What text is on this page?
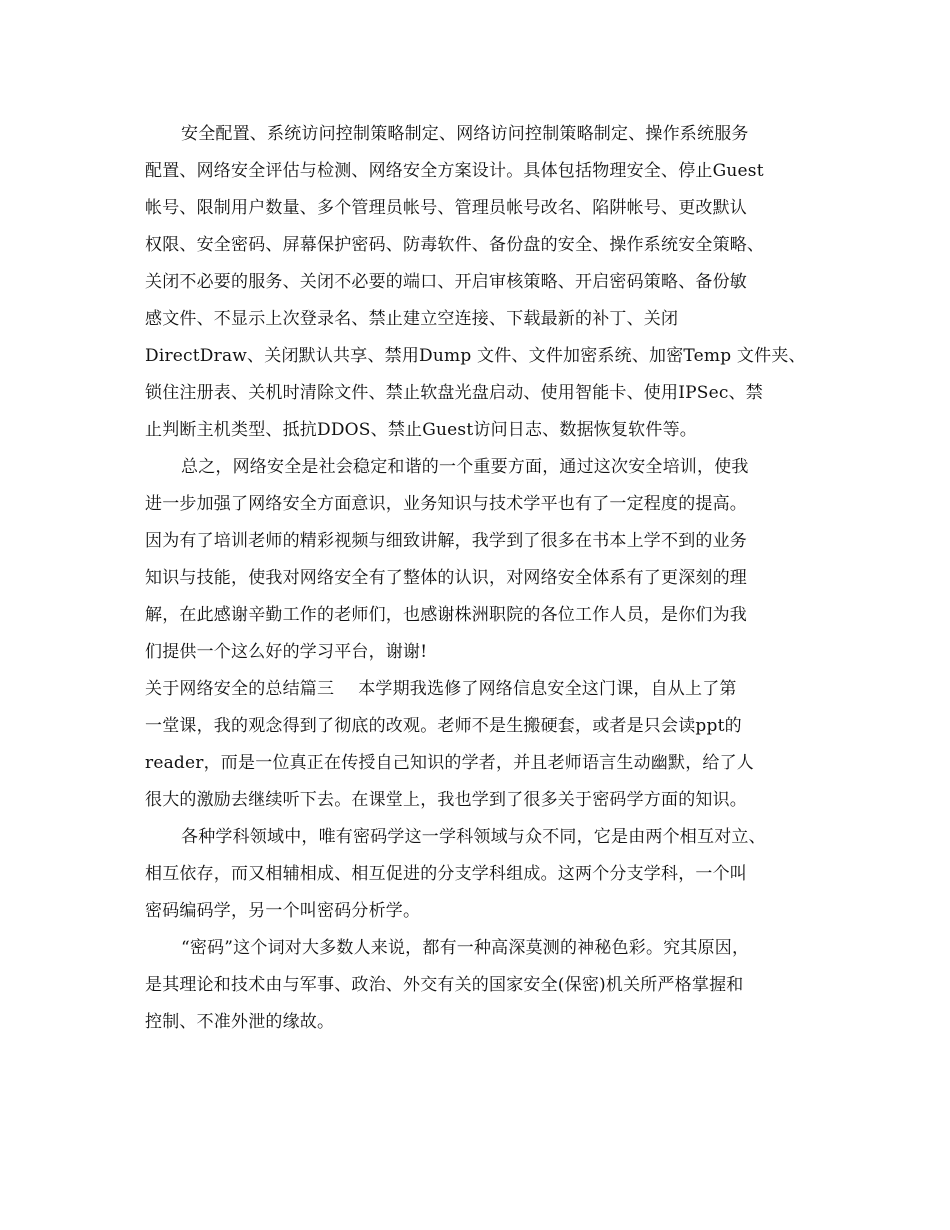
安全配置、系统访问控制策略制定、网络访问控制策略制定、操作系统服务
配置、网络安全评估与检测、网络安全方案设计。具体包括物理安全、停止Guest
帐号、限制用户数量、多个管理员帐号、管理员帐号改名、陷阱帐号、更改默认
权限、安全密码、屏幕保护密码、防毒软件、备份盘的安全、操作系统安全策略、
关闭不必要的服务、关闭不必要的端口、开启审核策略、开启密码策略、备份敏
感文件、不显示上次登录名、禁止建立空连接、下载最新的补丁、关闭
DirectDraw、关闭默认共享、禁用Dump 文件、文件加密系统、加密Temp 文件夹、
锁住注册表、关机时清除文件、禁止软盘光盘启动、使用智能卡、使用IPSec、禁
止判断主机类型、抵抗DDOS、禁止Guest访问日志、数据恢复软件等。
总之，网络安全是社会稳定和谐的一个重要方面，通过这次安全培训，使我
进一步加强了网络安全方面意识，业务知识与技术学平也有了一定程度的提高。
因为有了培训老师的精彩视频与细致讲解，我学到了很多在书本上学不到的业务
知识与技能，使我对网络安全有了整体的认识，对网络安全体系有了更深刻的理
解，在此感谢辛勤工作的老师们，也感谢株洲职院的各位工作人员，是你们为我
们提供一个这么好的学习平台，谢谢!
关于网络安全的总结篇三 本学期我选修了网络信息安全这门课，自从上了第
一堂课，我的观念得到了彻底的改观。老师不是生搬硬套，或者是只会读ppt的
reader，而是一位真正在传授自己知识的学者，并且老师语言生动幽默，给了人
很大的激励去继续听下去。在课堂上，我也学到了很多关于密码学方面的知识。
各种学科领域中，唯有密码学这一学科领域与众不同，它是由两个相互对立、
相互依存，而又相辅相成、相互促进的分支学科组成。这两个分支学科，一个叫
密码编码学，另一个叫密码分析学。
“密码”这个词对大多数人来说，都有一种高深莫测的神秘色彩。究其原因，
是其理论和技术由与军事、政治、外交有关的国家安全(保密)机关所严格掌握和
控制、不准外泄的缘故。
